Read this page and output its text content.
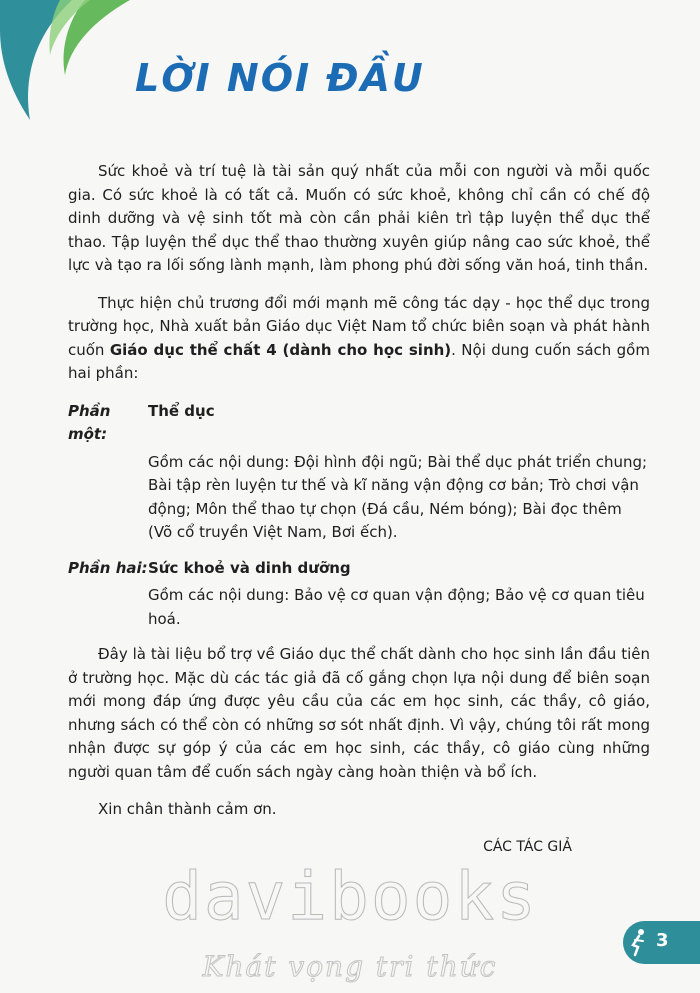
LỜI NÓI ĐẦU

Sức khoẻ và trí tuệ là tài sản quý nhất của mỗi con người và mỗi quốc gia. Có sức khoẻ là có tất cả. Muốn có sức khoẻ, không chỉ cần có chế độ dinh dưỡng và vệ sinh tốt mà còn cần phải kiên trì tập luyện thể dục thể thao. Tập luyện thể dục thể thao thường xuyên giúp nâng cao sức khoẻ, thể lực và tạo ra lối sống lành mạnh, làm phong phú đời sống văn hoá, tinh thần.

Thực hiện chủ trương đổi mới mạnh mẽ công tác dạy - học thể dục trong trường học, Nhà xuất bản Giáo dục Việt Nam tổ chức biên soạn và phát hành cuốn Giáo dục thể chất 4 (dành cho học sinh). Nội dung cuốn sách gồm hai phần:

Phần một:
Thể dục
Gồm các nội dung: Đội hình đội ngũ; Bài thể dục phát triển chung; Bài tập rèn luyện tư thế và kĩ năng vận động cơ bản; Trò chơi vận động; Môn thể thao tự chọn (Đá cầu, Ném bóng); Bài đọc thêm (Võ cổ truyền Việt Nam, Bơi ếch).
Phần hai: Sức khoẻ và dinh dưỡng
Gồm các nội dung: Bảo vệ cơ quan vận động; Bảo vệ cơ quan tiêu hoá.

Đây là tài liệu bổ trợ về Giáo dục thể chất dành cho học sinh lần đầu tiên ở trường học. Mặc dù các tác giả đã cố gắng chọn lựa nội dung để biên soạn mới mong đáp ứng được yêu cầu của các em học sinh, các thầy, cô giáo, nhưng sách có thể còn có những sơ sót nhất định. Vì vậy, chúng tôi rất mong nhận được sự góp ý của các em học sinh, các thầy, cô giáo cùng những người quan tâm để cuốn sách ngày càng hoàn thiện và bổ ích.

Xin chân thành cảm ơn.

CÁC TÁC GIẢ
davibooks
Khát vọng tri thức
3
